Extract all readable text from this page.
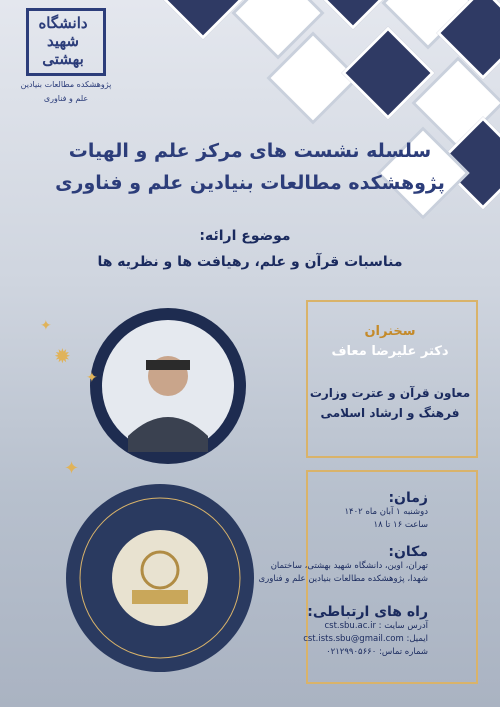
دانشگاه شهید بهشتی
پژوهشکده مطالعات بنیادین
علم و فناوری
سلسله نشست های مرکز علم و الهیات
پژوهشکده مطالعات بنیادین علم و فناوری
موضوع ارائه:
مناسبات قرآن و علم، رهیافت ها و نظریه ها
سخنران
دکتر علیرضا معاف
معاون قرآن و عترت وزارت
فرهنگ و ارشاد اسلامی
زمان:
دوشنبه ۱ آبان ماه ۱۴۰۲
ساعت ۱۶ تا ۱۸
مکان:
تهران، اوین، دانشگاه شهید بهشتی، ساختمان
شهدا، پژوهشکده مطالعات بنیادین علم و فناوری
راه های ارتباطی:
آدرس سایت : cst.sbu.ac.ir
ایمیل: cst.ists.sbu@gmail.com
شماره تماس: ۰۲۱۲۹۹۰۵۶۶۰
✦
✹
✦
✦
